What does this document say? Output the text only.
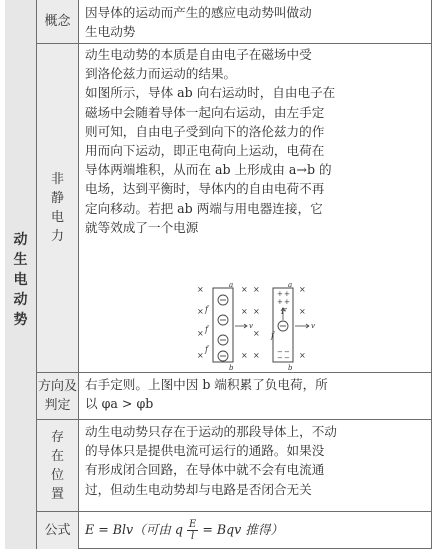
动
生
电
动
势
概念
非
静
电
力
方向及
判定
存
在
位
置
公式
因导体的运动而产生的感应电动势叫做动
生电动势
动生电动势的本质是自由电子在磁场中受
到洛伦兹力而运动的结果。
如图所示，导体 ab 向右运动时，自由电子在
磁场中会随着导体一起向右运动，由左手定
则可知，自由电子受到向下的洛伦兹力的作
用而向下运动，即正电荷向上运动，电荷在
导体两端堆积，从而在 ab 上形成由 a→b 的
电场，达到平衡时，导体内的自由电荷不再
定向移动。若把 ab 两端与用电器连接，它
就等效成了一个电源
×
×
×
×
× ×
× ×
×
× ×
×
×
×
a
b
f
f
f
v
a
b
+ +
+ +
− −
− −
F
v
f
右手定则。上图中因 b 端积累了负电荷，所
以 φa > φb
动生电动势只存在于运动的那段导体上，不动
的导体只是提供电流可运行的通路。如果没
有形成闭合回路，在导体中就不会有电流通
过，但动生电动势却与电路是否闭合无关
E = Blv（可由 q $\frac{E}{l}$ = Bqv 推得）
